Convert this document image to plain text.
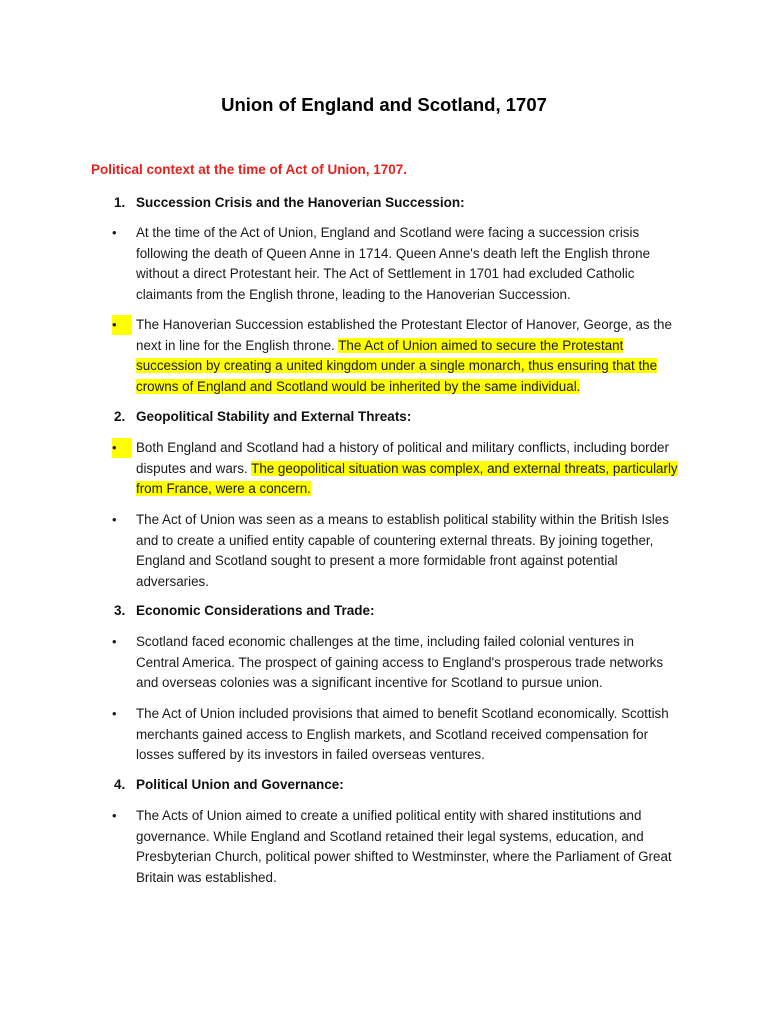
Union of England and Scotland, 1707
Political context at the time of Act of Union, 1707.
1. Succession Crisis and the Hanoverian Succession:
•	At the time of the Act of Union, England and Scotland were facing a succession crisis following the death of Queen Anne in 1714. Queen Anne's death left the English throne without a direct Protestant heir. The Act of Settlement in 1701 had excluded Catholic claimants from the English throne, leading to the Hanoverian Succession.
•	The Hanoverian Succession established the Protestant Elector of Hanover, George, as the next in line for the English throne. The Act of Union aimed to secure the Protestant succession by creating a united kingdom under a single monarch, thus ensuring that the crowns of England and Scotland would be inherited by the same individual.
2. Geopolitical Stability and External Threats:
•	Both England and Scotland had a history of political and military conflicts, including border disputes and wars. The geopolitical situation was complex, and external threats, particularly from France, were a concern.
•	The Act of Union was seen as a means to establish political stability within the British Isles and to create a unified entity capable of countering external threats. By joining together, England and Scotland sought to present a more formidable front against potential adversaries.
3. Economic Considerations and Trade:
•	Scotland faced economic challenges at the time, including failed colonial ventures in Central America. The prospect of gaining access to England's prosperous trade networks and overseas colonies was a significant incentive for Scotland to pursue union.
•	The Act of Union included provisions that aimed to benefit Scotland economically. Scottish merchants gained access to English markets, and Scotland received compensation for losses suffered by its investors in failed overseas ventures.
4. Political Union and Governance:
•	The Acts of Union aimed to create a unified political entity with shared institutions and governance. While England and Scotland retained their legal systems, education, and Presbyterian Church, political power shifted to Westminster, where the Parliament of Great Britain was established.
